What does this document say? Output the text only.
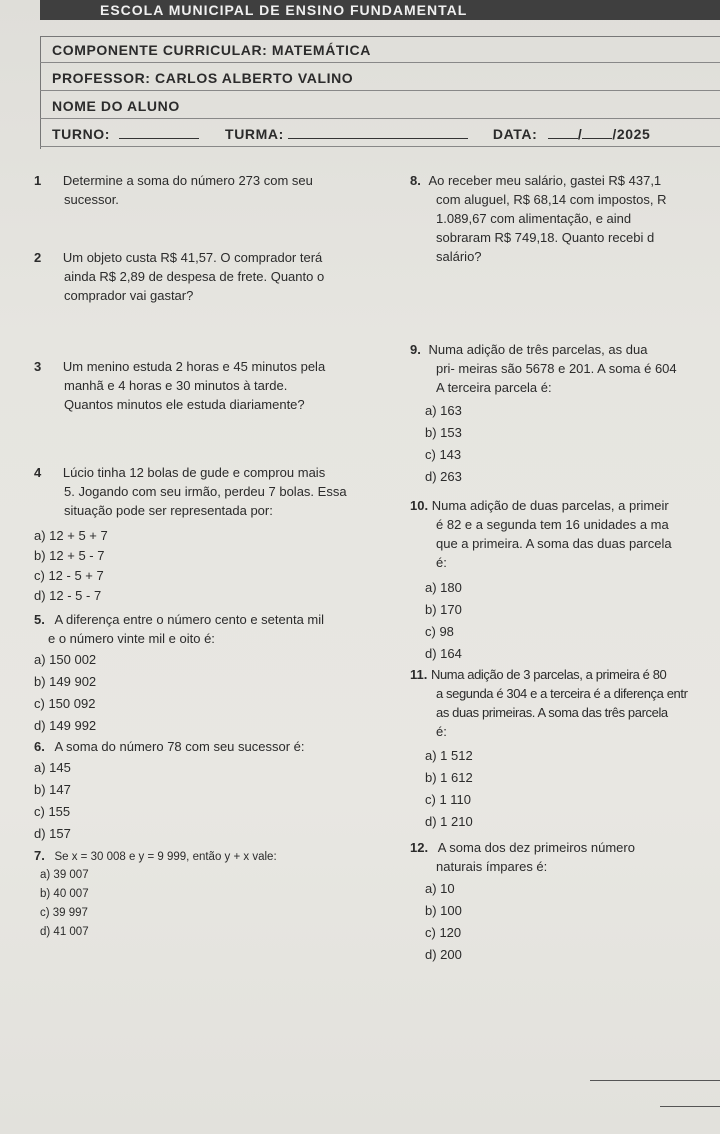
ESCOLA MUNICIPAL DE ENSINO FUNDAMENTAL
COMPONENTE CURRICULAR: MATEMÁTICA
PROFESSOR: CARLOS ALBERTO VALINO
NOME DO ALUNO
TURNO:	TURMA:	DATA:	/ /2025
1 Determine a soma do número 273 com seu
sucessor.
2 Um objeto custa R$ 41,57. O comprador terá
ainda R$ 2,89 de despesa de frete. Quanto o
comprador vai gastar?
3 Um menino estuda 2 horas e 45 minutos pela
manhã e 4 horas e 30 minutos à tarde.
Quantos minutos ele estuda diariamente?
4 Lúcio tinha 12 bolas de gude e comprou mais
5. Jogando com seu irmão, perdeu 7 bolas. Essa
situação pode ser representada por:
a) 12 + 5 + 7
b) 12 + 5 - 7
c) 12 - 5 + 7
d) 12 - 5 - 7
5. A diferença entre o número cento e setenta mil
e o número vinte mil e oito é:
a) 150 002
b) 149 902
c) 150 092
d) 149 992
6. A soma do número 78 com seu sucessor é:
a) 145
b) 147
c) 155
d) 157
7. Se x = 30 008 e y = 9 999, então y + x vale:
a) 39 007
b) 40 007
c) 39 997
d) 41 007
8. Ao receber meu salário, gastei R$ 437,1
com aluguel, R$ 68,14 com impostos, R
1.089,67 com alimentação, e aind
sobraram R$ 749,18. Quanto recebi d
salário?
9. Numa adição de três parcelas, as dua
pri- meiras são 5678 e 201. A soma é 604
A terceira parcela é:
a) 163
b) 153
c) 143
d) 263
10. Numa adição de duas parcelas, a primeir
é 82 e a segunda tem 16 unidades a ma
que a primeira. A soma das duas parcela
é:
a) 180
b) 170
c) 98
d) 164
11. Numa adição de 3 parcelas, a primeira é 80
a segunda é 304 e a terceira é a diferença entr
as duas primeiras. A soma das três parcela
é:
a) 1 512
b) 1 612
c) 1 110
d) 1 210
12. A soma dos dez primeiros número
naturais ímpares é:
a) 10
b) 100
c) 120
d) 200
